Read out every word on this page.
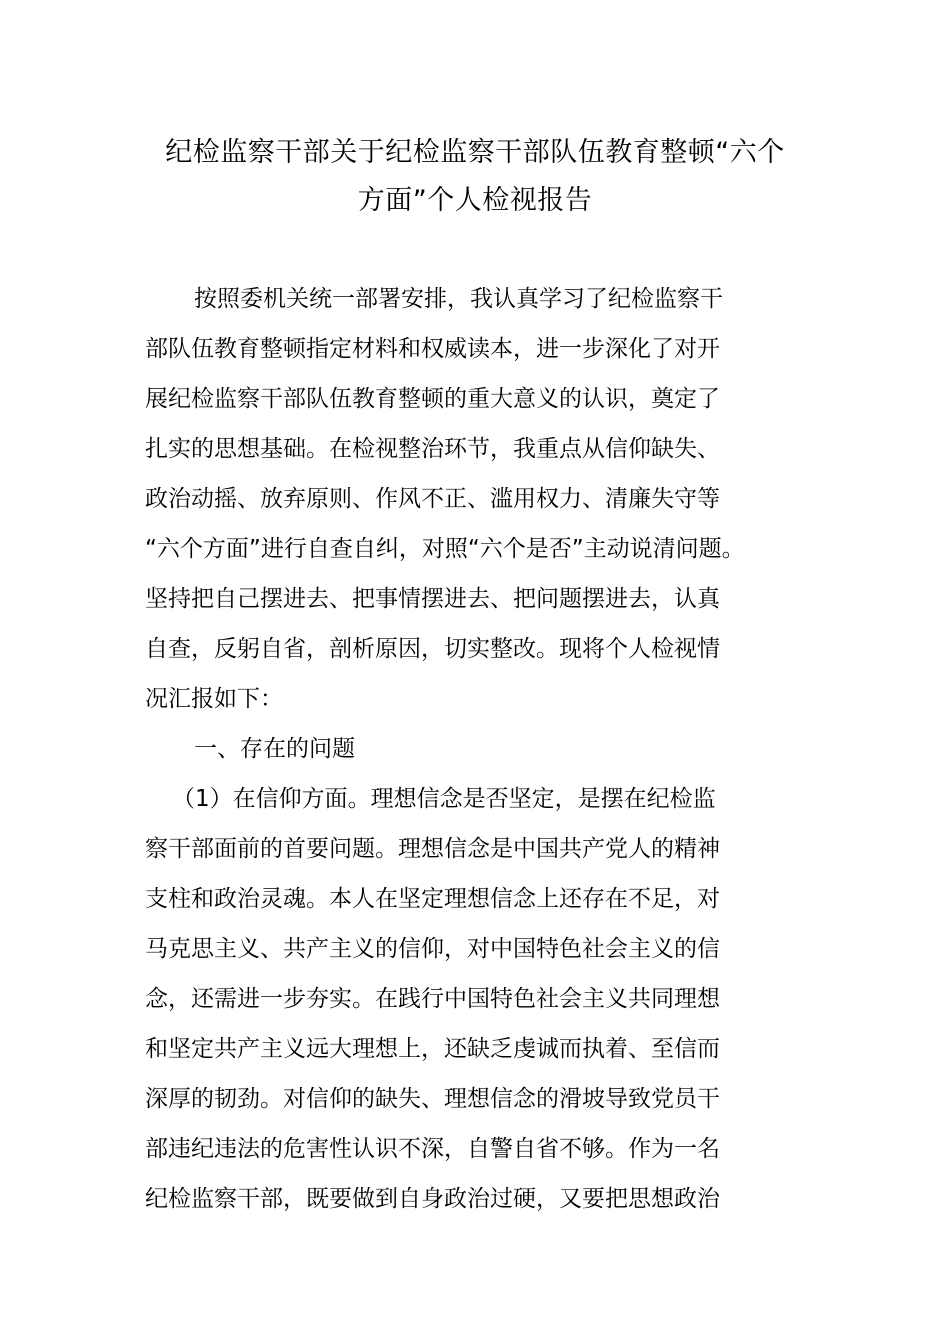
纪检监察干部关于纪检监察干部队伍教育整顿“六个
方面”个人检视报告

按照委机关统一部署安排，我认真学习了纪检监察干

部队伍教育整顿指定材料和权威读本，进一步深化了对开

展纪检监察干部队伍教育整顿的重大意义的认识，奠定了

扎实的思想基础。在检视整治环节，我重点从信仰缺失、

政治动摇、放弃原则、作风不正、滥用权力、清廉失守等

“六个方面”进行自查自纠，对照“六个是否”主动说清问题。

坚持把自己摆进去、把事情摆进去、把问题摆进去，认真

自查，反躬自省，剖析原因，切实整改。现将个人检视情

况汇报如下：

一、存在的问题

（1）在信仰方面。理想信念是否坚定，是摆在纪检监

察干部面前的首要问题。理想信念是中国共产党人的精神

支柱和政治灵魂。本人在坚定理想信念上还存在不足，对

马克思主义、共产主义的信仰，对中国特色社会主义的信

念，还需进一步夯实。在践行中国特色社会主义共同理想

和坚定共产主义远大理想上，还缺乏虔诚而执着、至信而

深厚的韧劲。对信仰的缺失、理想信念的滑坡导致党员干

部违纪违法的危害性认识不深，自警自省不够。作为一名

纪检监察干部，既要做到自身政治过硬，又要把思想政治
